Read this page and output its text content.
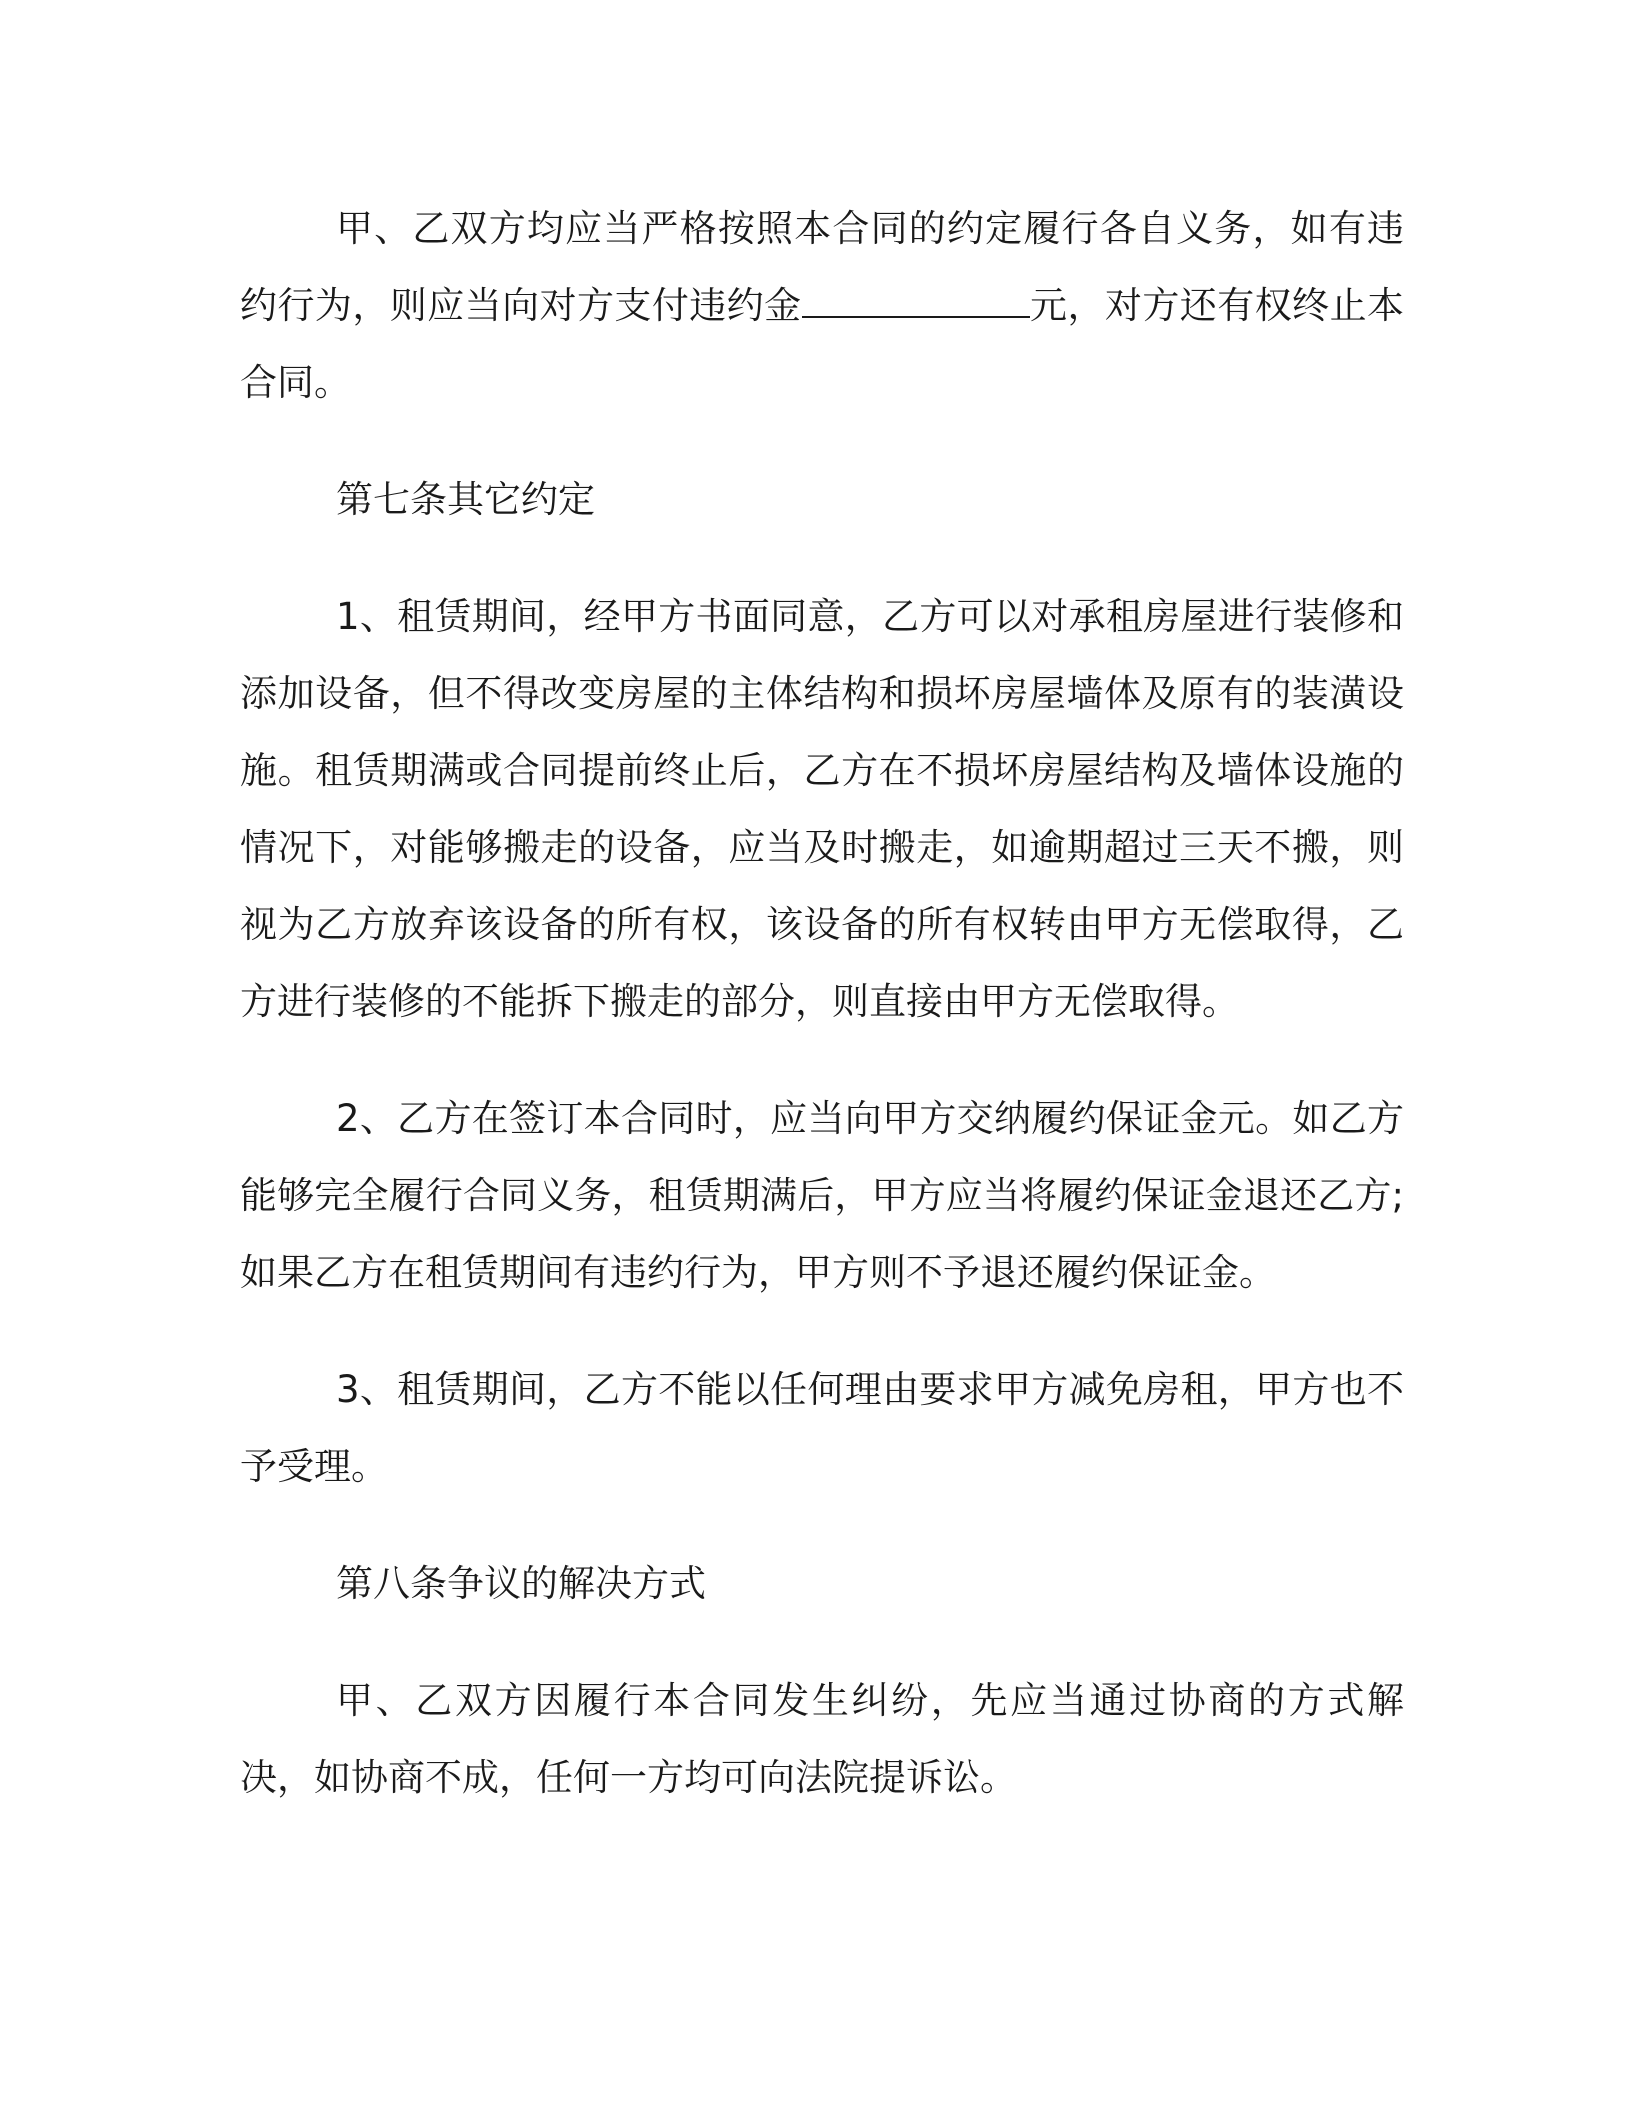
甲、乙双方均应当严格按照本合同的约定履行各自义务，如有违约行为，则应当向对方支付违约金	元，对方还有权终止本合同。

第七条其它约定

1、租赁期间，经甲方书面同意，乙方可以对承租房屋进行装修和添加设备，但不得改变房屋的主体结构和损坏房屋墙体及原有的装潢设施。租赁期满或合同提前终止后，乙方在不损坏房屋结构及墙体设施的情况下，对能够搬走的设备，应当及时搬走，如逾期超过三天不搬，则视为乙方放弃该设备的所有权，该设备的所有权转由甲方无偿取得，乙方进行装修的不能拆下搬走的部分，则直接由甲方无偿取得。

2、乙方在签订本合同时，应当向甲方交纳履约保证金元。如乙方能够完全履行合同义务，租赁期满后，甲方应当将履约保证金退还乙方;如果乙方在租赁期间有违约行为，甲方则不予退还履约保证金。

3、租赁期间，乙方不能以任何理由要求甲方减免房租，甲方也不予受理。

第八条争议的解决方式

甲、乙双方因履行本合同发生纠纷，先应当通过协商的方式解决，如协商不成，任何一方均可向法院提诉讼。
